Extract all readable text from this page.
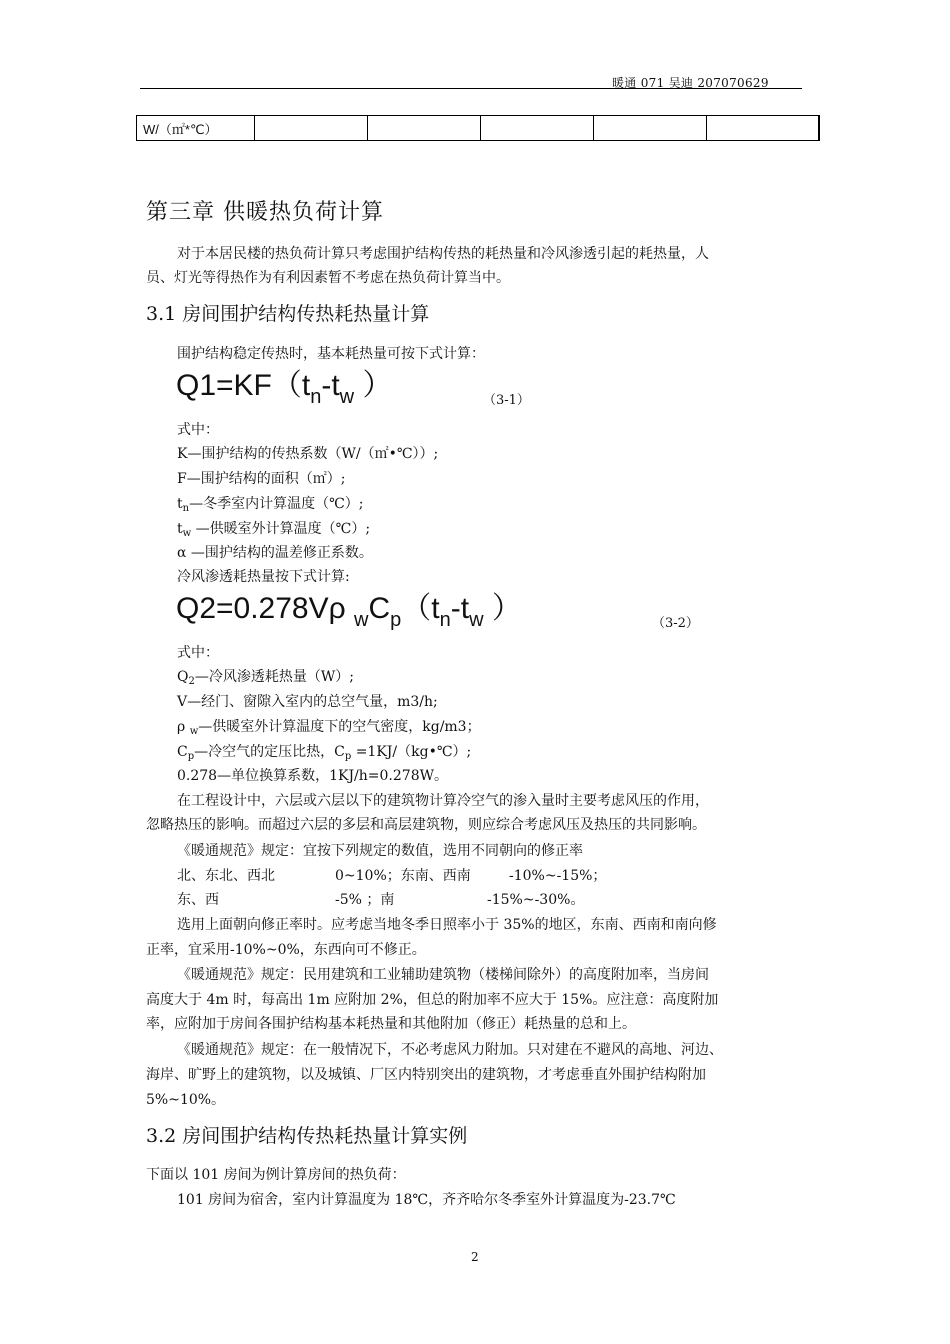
暖通 071 吴迪 207070629
W/（㎡*℃）					
第三章 供暖热负荷计算
对于本居民楼的热负荷计算只考虑围护结构传热的耗热量和冷风渗透引起的耗热量，人
员、灯光等得热作为有利因素暂不考虑在热负荷计算当中。
3.1 房间围护结构传热耗热量计算
围护结构稳定传热时，基本耗热量可按下式计算：
$Q1=KF(t_n-t_w$ ）	（3-1）
式中：
K—围护结构的传热系数（W/（㎡•℃））;
F—围护结构的面积（㎡）;
$t_n—$冬季室内计算温度（℃）;
$t_w$ —供暖室外计算温度（℃）;
α —围护结构的温差修正系数。
冷风渗透耗热量按下式计算:
Q2=0.278Vρ $_wC_p(t_n-t_w$ ）	（3-2）
式中：
$Q_2—$冷风渗透耗热量（W）;
V—经门、窗隙入室内的总空气量，m3/h;
ρ $_w$—供暖室外计算温度下的空气密度，kg/m3；
$C_p—$冷空气的定压比热，$C_p$ =1KJ/（kg•℃）;
0.278—单位换算系数，1KJ/h=0.278W。
在工程设计中，六层或六层以下的建筑物计算冷空气的渗入量时主要考虑风压的作用，
忽略热压的影响。而超过六层的多层和高层建筑物，则应综合考虑风压及热压的共同影响。
《暖通规范》规定：宜按下列规定的数值，选用不同朝向的修正率
北、东北、西北	0~10%；东南、西南	-10%~-15%；
东、西	-5% ；南	-15%~-30%。
选用上面朝向修正率时。应考虑当地冬季日照率小于 35%的地区，东南、西南和南向修
正率，宜采用-10%~0%，东西向可不修正。
《暖通规范》规定：民用建筑和工业辅助建筑物（楼梯间除外）的高度附加率，当房间
高度大于 4m 时，每高出 1m 应附加 2%，但总的附加率不应大于 15%。应注意：高度附加
率，应附加于房间各围护结构基本耗热量和其他附加（修正）耗热量的总和上。
《暖通规范》规定：在一般情况下，不必考虑风力附加。只对建在不避风的高地、河边、
海岸、旷野上的建筑物，以及城镇、厂区内特别突出的建筑物，才考虑垂直外围护结构附加
5%~10%。
3.2 房间围护结构传热耗热量计算实例
下面以 101 房间为例计算房间的热负荷：
101 房间为宿舍，室内计算温度为 18℃，齐齐哈尔冬季室外计算温度为-23.7℃
2
